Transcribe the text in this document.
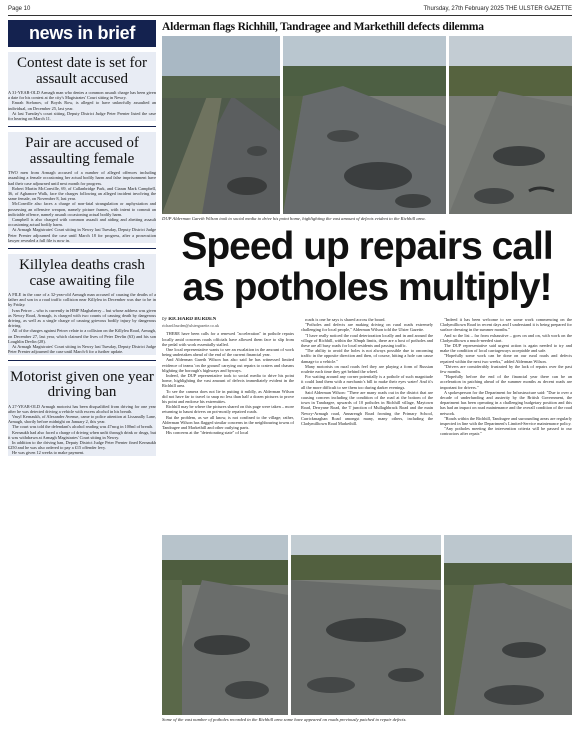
Page 10	Thursday, 27th February 2025 THE ULSTER GAZETTE
news in brief
Contest date is set for assault accused

A 31-YEAR-OLD Armagh man who denies a common assault charge has been given a date for his contest at the city's Magistrates' Court sitting in Newry.

Emrah Stefanov, of Boyds Row, is alleged to have unlawfully assaulted an individual, on December 25, last year.

At last Tuesday's court sitting, Deputy District Judge Peter Prenter listed the case for hearing on March 11.

Pair are accused of assaulting female

TWO men from Armagh accused of a number of alleged offences including assaulting a female occasioning her actual bodily harm and false imprisonment have had their case adjourned until next month for progress.

Robert Martin McConville, 69, of Callanbridge Park, and Ciaran Mark Campbell, 36, of Aghanore Walk, face the charges following an alleged incident involving the same female, on November 8, last year.

McConville also faces a charge of non-fatal strangulation or asphyxiation and possessing an offensive weapon, namely picture frames, with intent to commit an indictable offence, namely assault occasioning actual bodily harm.

Campbell is also charged with common assault and aiding and abetting assault occasioning actual bodily harm.

At Armagh Magistrates' Court sitting in Newry last Tuesday, Deputy District Judge Peter Prenter adjourned the case until March 18 for progress, after a prosecution lawyer revealed a full file is now in.

Killylea deaths crash case awaiting file

A FILE in the case of a 32-year-old Armagh man accused of causing the deaths of a father and son in a road traffic collision near Killylea in December was due to be in by Friday.

Ivan Petrov – who is currently in HMP Maghaberry – but whose address was given as Newry Road, Armagh, is charged with two counts of causing death by dangerous driving, as well as a single charge of causing grievous bodily injury by dangerous driving.

All of the charges against Petrov relate to a collision on the Killylea Road, Armagh, on December 27, last year, which claimed the lives of Peter Devlin (63) and his son Loughlin Devlin (28).

At Armagh Magistrates' Court sitting in Newry last Tuesday, Deputy District Judge Peter Prenter adjourned the case until March 6 for a further update.

Motorist given one year driving ban

A 27-YEAR-OLD Armagh motorist has been disqualified from driving for one year after he was detected driving a vehicle with excess alcohol in his breath.

Vasyl Kernaukh, of Alexander Avenue, came to police attention at Lissanally Lane, Armagh, shortly before midnight on January 2, this year.

The court was told the defendant's alcohol reading was 47mcg in 100ml of breath.

Kernaukh had also faced a charge of driving when unfit through drink or drugs, but it was withdrawn at Armagh Magistrates' Court sitting in Newry.

In addition to the driving ban, Deputy District Judge Peter Prenter fined Kernaukh £250 and he was also ordered to pay a £15 offender levy.

He was given 12 weeks to make payment.

Alderman flags Richhill, Tandragee and Markethill defects dilemma
DUP Alderman Gareth Wilson took to social media to drive his point home, highlighting the vast amount of defects evident to the Richhill area.
Speed up repairs call
as potholes multiply!

by RICHARD BURDEN

richard.burden@ulstergazette.co.uk

THERE have been calls for a renewed "acceleration" in pothole repairs locally amid concerns roads officials have allowed them face to slip from the pedal with work essentially stalled.

One local representative wants to see an escalation in the amount of work being undertaken ahead of the end of the current financial year.

And Alderman Gareth Wilson has also said he has witnessed limited evidence of teams 'on the ground' carrying out repairs to craters and chasms blighting the borough's highways and byways.

Indeed, the DUP representative took to social media to drive his point home, highlighting the vast amount of defects immediately evident in the Richhill area.

To see the camera does not lie in putting it mildly, as Alderman Wilson did not have far to travel to snap no less than half a dozen pictures to prove his point and endorse his extremities.

Richhill may be where the pictures shared on this page were taken – more returning to haunt drivers on pot-mostly repaired roads.

But the problem, as we all know, is not confined to the village; rather, Alderman Wilson has flagged similar concerns in the neighbouring towns of Tandragee and Markethill and other outlying parts.

His concerns at the "deteriorating state" of local

roads is one he says is shared across the board.

"Potholes and defects are making driving on rural roads extremely challenging for local people," Alderman Wilson told the Ulster Gazette.

"I have really noticed the road deterioration locally and in and around the village of Richhill, within the 30mph limits, there are a host of potholes and these are all busy roads for local residents and passing traffic.

"The ability to avoid the holes is not always possible due to oncoming traffic in the opposite direction and then, of course, hitting a hole can cause damage to a vehicle."

Many motorists on rural roads feel they are playing a form of Russian roulette each time they get behind the wheel.

For waiting around any corner potentially is a pothole of such magnitude it could land them with a mechanic's bill to make their eyes water! And it's all the more difficult to see them too during darker evenings.

Said Alderman Wilson: "There are many roads out in the district that are causing concern including the condition of the road at the bottom of the town in Tandragee, upwards of 10 potholes in Richhill village, Maytown Road, Derryane Road, the T junction of Mullaghbrack Road and the main Newry-Armagh road, Annareagh Road fronting the Primary School, Carrickmaghan Road amongst many, many others, including the Cladymilltown Road Markethill.

"Indeed it has been welcome to see some work commencing on the Cladymilltown Road in recent days and I understand it is being prepared for surface dressing in the summer months."

And so the list – far from exhaustive – goes on and on, with work on the Cladymilltown a much-needed start.

The DUP representative said urgent action is again needed to try and make the condition of local carriageways acceptable and safe.

"Hopefully some work can be done on our rural roads and defects repaired within the next two weeks," added Alderman Wilson.

"Drivers are considerably frustrated by the lack of repairs over the past few months.

"Hopefully before the end of the financial year there can be an acceleration in patching ahead of the summer months as decent roads are important for drivers."

A spokesperson for the Department for Infrastructure said: "Due to over a decade of underfunding and austerity by the British Government, the department has been operating in a challenging budgetary position and this has had an impact on road maintenance and the overall condition of the road network.

"Roads within the Richhill, Tandragee and surrounding areas are regularly inspected in line with the Department's Limited-Service maintenance policy.

"Any potholes meeting the intervention criteria will be passed to our contractors after repair."

Some of the vast number of potholes recorded in the Richhill area some have appeared on roads previously patched to repair defects.
